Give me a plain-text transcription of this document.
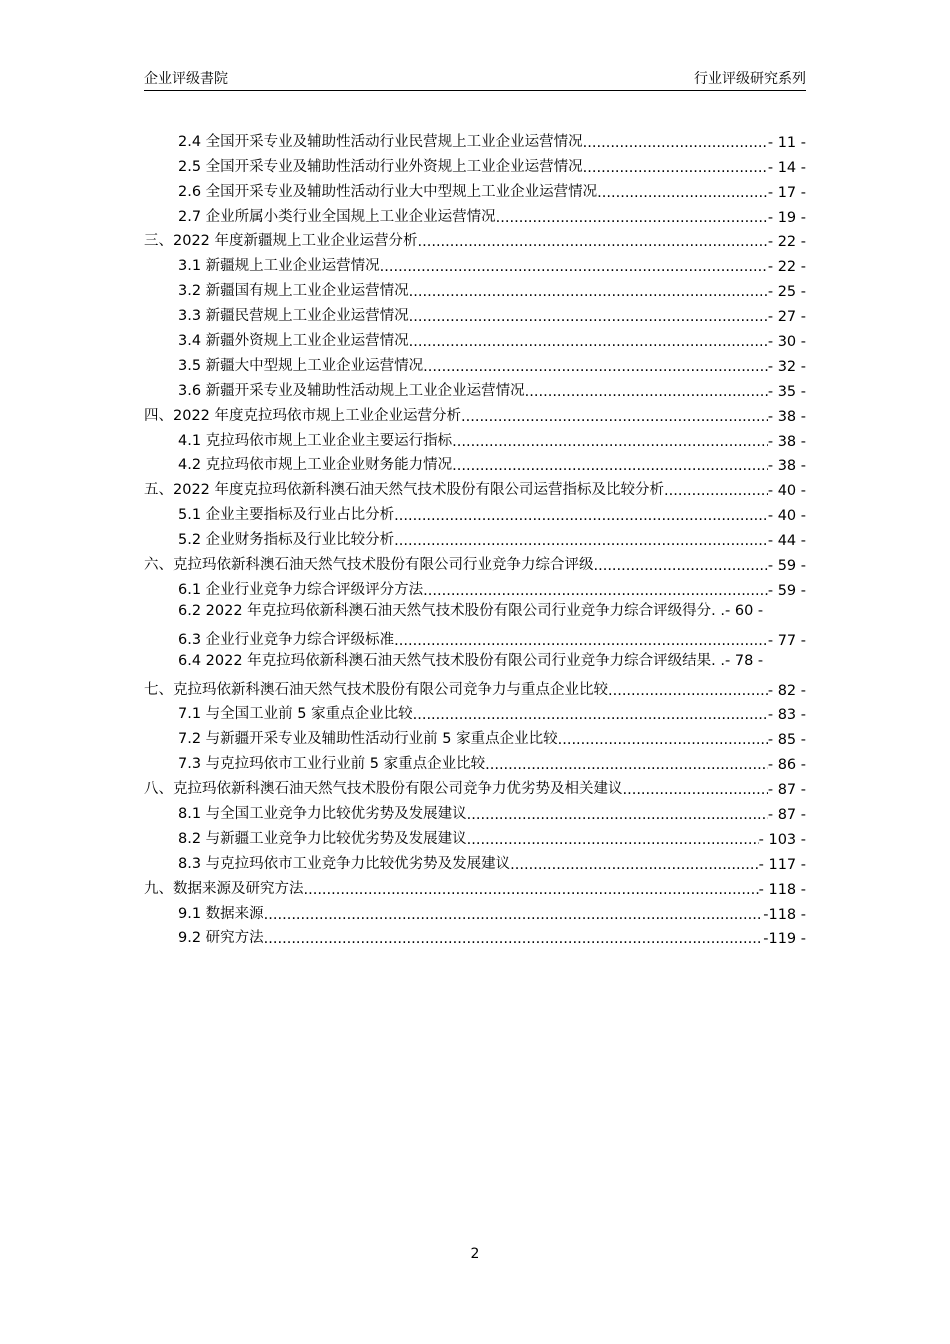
企业评级書院	行业评级研究系列
2.4 全国开采专业及辅助性活动行业民营规上工业企业运营情况 .....	- 11 -
2.5 全国开采专业及辅助性活动行业外资规上工业企业运营情况 .....	- 14 -
2.6 全国开采专业及辅助性活动行业大中型规上工业企业运营情况 .....	- 17 -
2.7 企业所属小类行业全国规上工业企业运营情况 .....	- 19 -
三、2022 年度新疆规上工业企业运营分析 .....	- 22 -
3.1 新疆规上工业企业运营情况 .....	- 22 -
3.2 新疆国有规上工业企业运营情况 .....	- 25 -
3.3 新疆民营规上工业企业运营情况 .....	- 27 -
3.4 新疆外资规上工业企业运营情况 .....	- 30 -
3.5 新疆大中型规上工业企业运营情况 .....	- 32 -
3.6 新疆开采专业及辅助性活动规上工业企业运营情况 .....	- 35 -
四、2022 年度克拉玛依市规上工业企业运营分析 .....	- 38 -
4.1 克拉玛依市规上工业企业主要运行指标 .....	- 38 -
4.2 克拉玛依市规上工业企业财务能力情况 .....	- 38 -
五、2022 年度克拉玛依新科澳石油天然气技术股份有限公司运营指标及比较分析 .....	- 40 -
5.1 企业主要指标及行业占比分析 .....	- 40 -
5.2 企业财务指标及行业比较分析 .....	- 44 -
六、克拉玛依新科澳石油天然气技术股份有限公司行业竞争力综合评级 .....	- 59 -
6.1 企业行业竞争力综合评级评分方法 .....	- 59 -
6.2 2022 年克拉玛依新科澳石油天然气技术股份有限公司行业竞争力综合评级得分. .- 60 -
6.3 企业行业竞争力综合评级标准 .....	- 77 -
6.4 2022 年克拉玛依新科澳石油天然气技术股份有限公司行业竞争力综合评级结果. .- 78 -
七、克拉玛依新科澳石油天然气技术股份有限公司竞争力与重点企业比较 .....	- 82 -
7.1 与全国工业前 5 家重点企业比较 .....	- 83 -
7.2 与新疆开采专业及辅助性活动行业前 5 家重点企业比较 .....	- 85 -
7.3 与克拉玛依市工业行业前 5 家重点企业比较 .....	- 86 -
八、克拉玛依新科澳石油天然气技术股份有限公司竞争力优劣势及相关建议 .....	- 87 -
8.1 与全国工业竞争力比较优劣势及发展建议 .....	- 87 -
8.2 与新疆工业竞争力比较优劣势及发展建议 .....	- 103 -
8.3 与克拉玛依市工业竞争力比较优劣势及发展建议 .....	- 117 -
九、数据来源及研究方法 .....	- 118 -
9.1 数据来源 .....	-118 -
9.2 研究方法 .....	-119 -
2
